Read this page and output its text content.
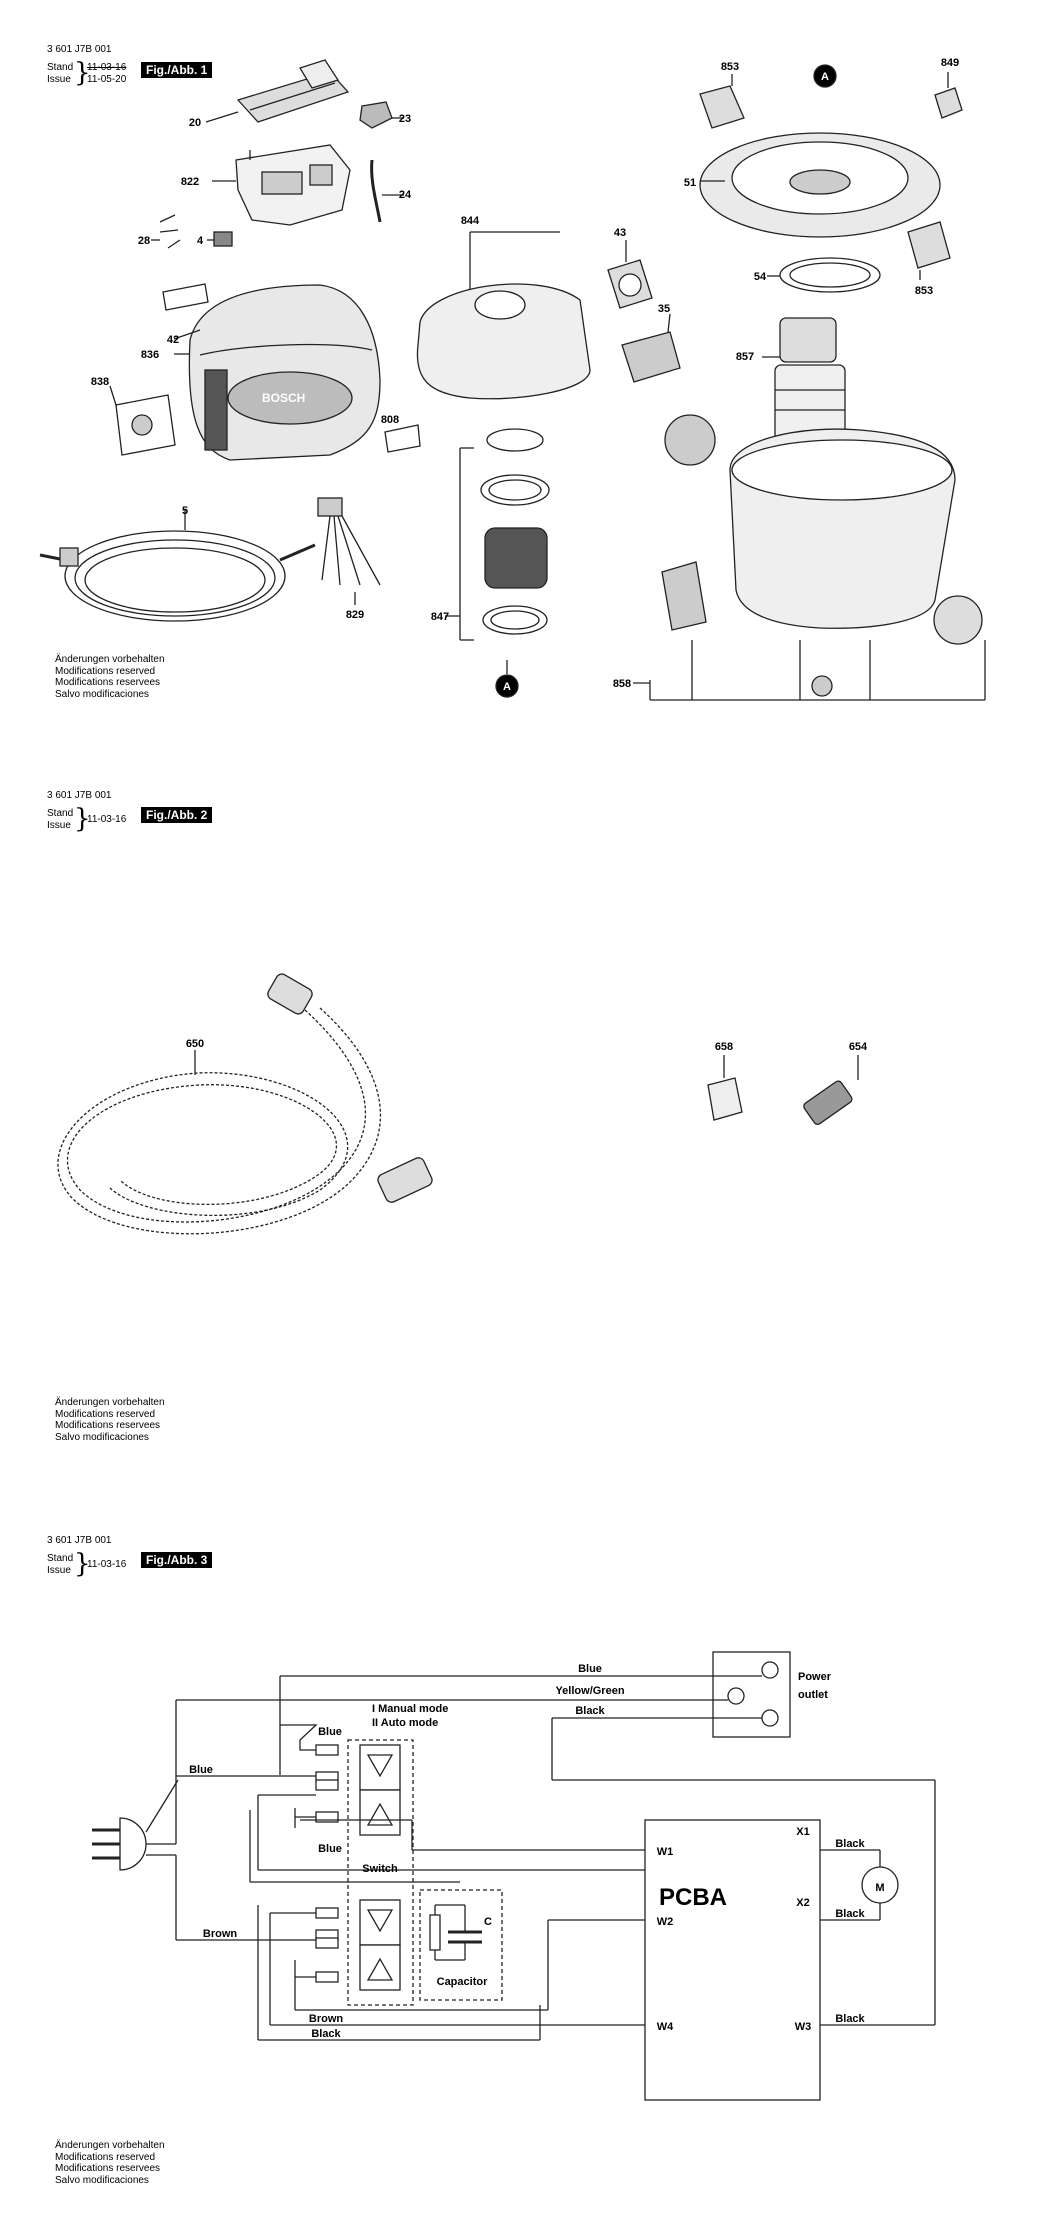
3 601 J7B 001
Stand
Issue }
11-03-16
11-05-20
Fig./Abb. 1
BOSCH
A
A
20	23
822
24
4
28
836
42
838
808
5
829
844
43
35
847
853	849
51
54
853
857
858
Änderungen vorbehalten
Modifications reserved
Modifications reservees
Salvo modificaciones
3 601 J7B 001
Stand
Issue }
11-03-16	Fig./Abb. 2
650	658	654
Änderungen vorbehalten
Modifications reserved
Modifications reservees
Salvo modificaciones
3 601 J7B 001
Stand
Issue }
11-03-16	Fig./Abb. 3
Power
outlet
PCBA	M
W1
W2
W4
X1
X2
W3
Blue
Yellow/Green
Black
Blue
Blue
Blue
Brown
Brown
Black
Black
Black
Black
I Manual mode
II Auto mode
Switch
Capacitor
C
Änderungen vorbehalten
Modifications reserved
Modifications reservees
Salvo modificaciones
